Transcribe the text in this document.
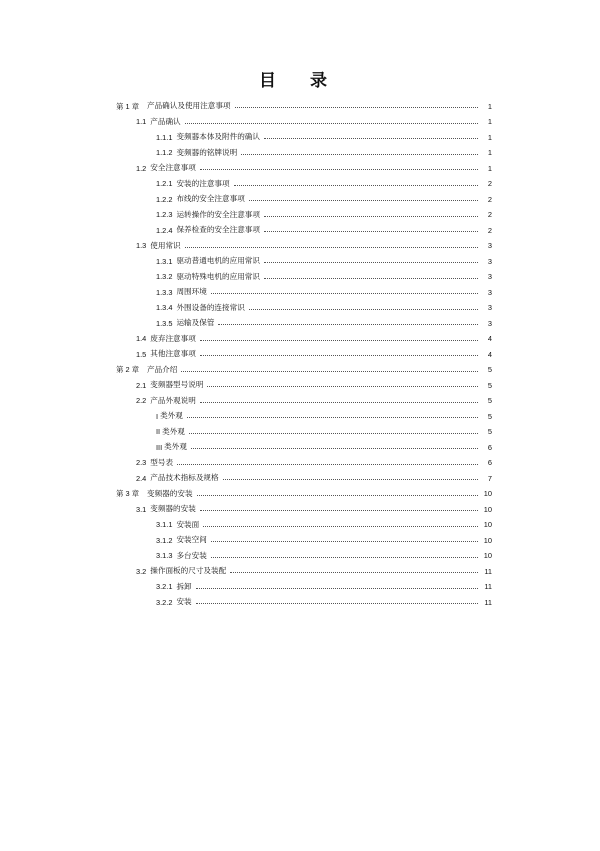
目 录
第 1 章 产品确认及使用注意事项	1
1.1 产品确认	1
1.1.1 变频器本体及附件的确认	1
1.1.2 变频器的铭牌说明	1
1.2 安全注意事项	1
1.2.1 安装的注意事项	2
1.2.2 布线的安全注意事项	2
1.2.3 运转操作的安全注意事项	2
1.2.4 保养检查的安全注意事项	2
1.3 使用常识	3
1.3.1 驱动普通电机的应用常识	3
1.3.2 驱动特殊电机的应用常识	3
1.3.3 周围环境	3
1.3.4 外围设备的连接常识	3
1.3.5 运输及保管	3
1.4 废弃注意事项	4
1.5 其他注意事项	4
第 2 章 产品介绍	5
2.1 变频器型号说明	5
2.2 产品外观说明	5
I 类外观	5
II 类外观	5
III 类外观	6
2.3 型号表	6
2.4 产品技术指标及规格	7
第 3 章 变频器的安装	10
3.1 变频器的安装	10
3.1.1 安装面	10
3.1.2 安装空间	10
3.1.3 多台安装	10
3.2 操作面板的尺寸及装配	11
3.2.1 拆卸	11
3.2.2 安装	11
